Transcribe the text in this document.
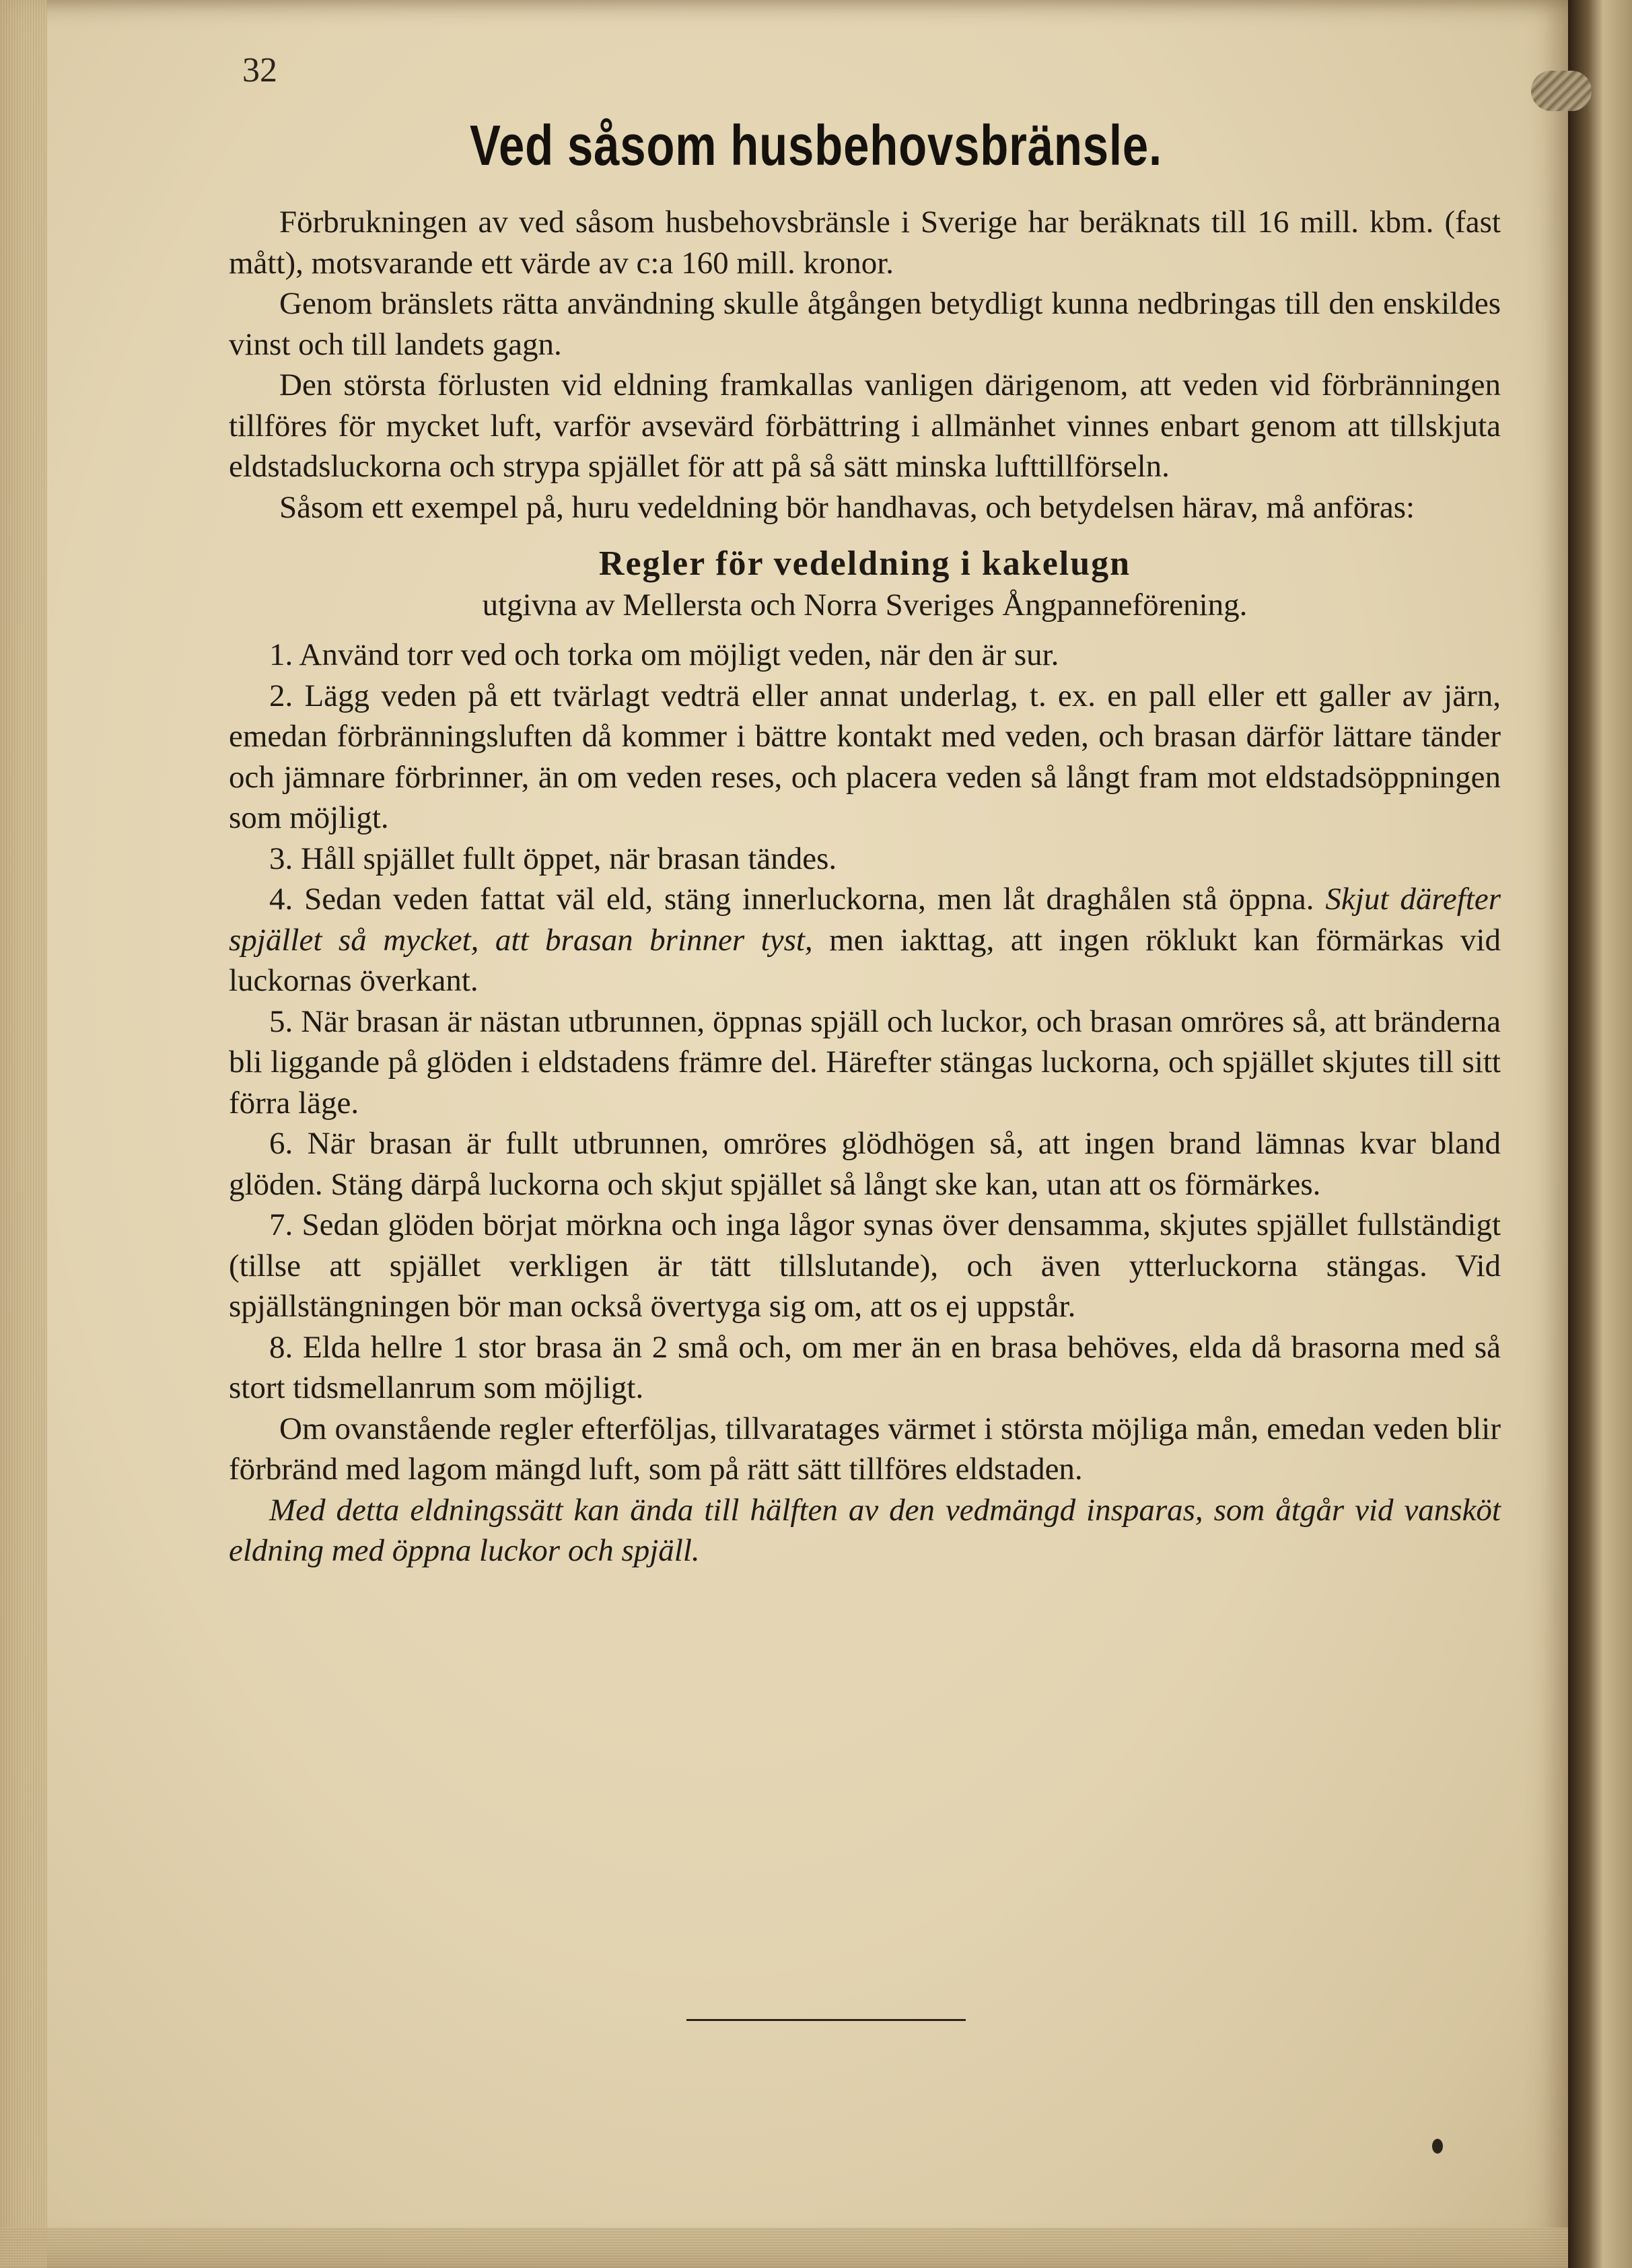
32
Ved såsom husbehovsbränsle.

Förbrukningen av ved såsom husbehovsbränsle i Sverige har beräknats till 16 mill. kbm. (fast mått), motsvarande ett värde av c:a 160 mill. kronor.

Genom bränslets rätta användning skulle åtgången betydligt kunna nedbringas till den enskildes vinst och till landets gagn.

Den största förlusten vid eldning framkallas vanligen därigenom, att veden vid förbränningen tillföres för mycket luft, varför avsevärd förbättring i allmänhet vinnes enbart genom att tillskjuta eldstadsluckorna och strypa spjället för att på så sätt minska lufttillförseln.

Såsom ett exempel på, huru vedeldning bör handhavas, och betydelsen härav, må anföras:

Regler för vedeldning i kakelugn

utgivna av Mellersta och Norra Sveriges Ångpanneförening.

1. Använd torr ved och torka om möjligt veden, när den är sur.

2. Lägg veden på ett tvärlagt vedträ eller annat underlag, t. ex. en pall eller ett galler av järn, emedan förbränningsluften då kommer i bättre kontakt med veden, och brasan därför lättare tänder och jämnare förbrinner, än om veden reses, och placera veden så långt fram mot eldstadsöppningen som möjligt.

3. Håll spjället fullt öppet, när brasan tändes.

4. Sedan veden fattat väl eld, stäng innerluckorna, men låt draghålen stå öppna. Skjut därefter spjället så mycket, att brasan brinner tyst, men iakttag, att ingen röklukt kan förmärkas vid luckornas överkant.

5. När brasan är nästan utbrunnen, öppnas spjäll och luckor, och brasan omröres så, att bränderna bli liggande på glöden i eldstadens främre del. Härefter stängas luckorna, och spjället skjutes till sitt förra läge.

6. När brasan är fullt utbrunnen, omröres glödhögen så, att ingen brand lämnas kvar bland glöden. Stäng därpå luckorna och skjut spjället så långt ske kan, utan att os förmärkes.

7. Sedan glöden börjat mörkna och inga lågor synas över densamma, skjutes spjället fullständigt (tillse att spjället verkligen är tätt tillslutande), och även ytterluckorna stängas. Vid spjällstängningen bör man också övertyga sig om, att os ej uppstår.

8. Elda hellre 1 stor brasa än 2 små och, om mer än en brasa behöves, elda då brasorna med så stort tidsmellanrum som möjligt.

Om ovanstående regler efterföljas, tillvaratages värmet i största möjliga mån, emedan veden blir förbränd med lagom mängd luft, som på rätt sätt tillföres eldstaden.

Med detta eldningssätt kan ända till hälften av den vedmängd insparas, som åtgår vid vansköt eldning med öppna luckor och spjäll.
